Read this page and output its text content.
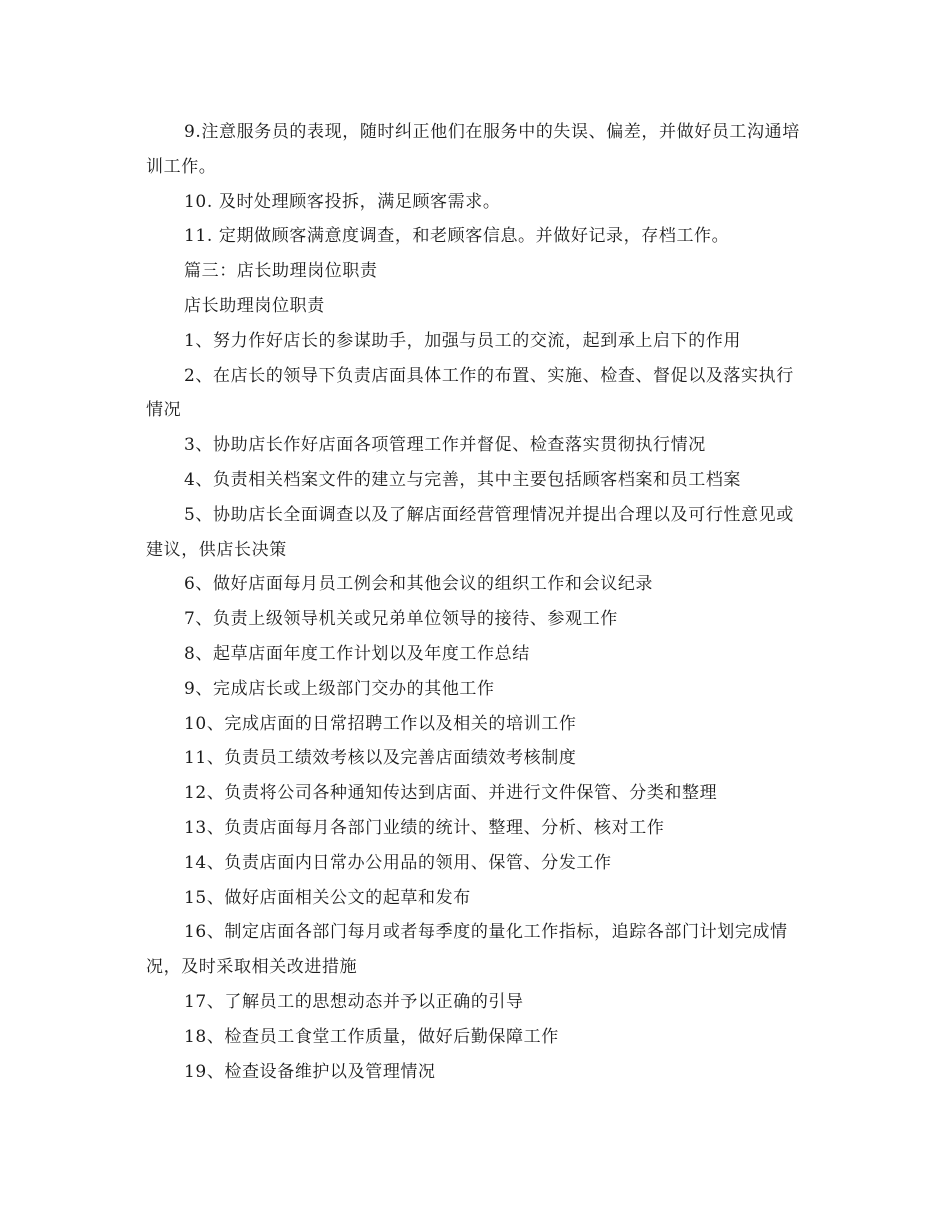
9.注意服务员的表现，随时纠正他们在服务中的失误、偏差，并做好员工沟通培训工作。

10. 及时处理顾客投拆，满足顾客需求。

11. 定期做顾客满意度调查，和老顾客信息。并做好记录，存档工作。

篇三：店长助理岗位职责

店长助理岗位职责

1、努力作好店长的参谋助手，加强与员工的交流，起到承上启下的作用

2、在店长的领导下负责店面具体工作的布置、实施、检查、督促以及落实执行情况

3、协助店长作好店面各项管理工作并督促、检查落实贯彻执行情况

4、负责相关档案文件的建立与完善，其中主要包括顾客档案和员工档案

5、协助店长全面调查以及了解店面经营管理情况并提出合理以及可行性意见或建议，供店长决策

6、做好店面每月员工例会和其他会议的组织工作和会议纪录

7、负责上级领导机关或兄弟单位领导的接待、参观工作

8、起草店面年度工作计划以及年度工作总结

9、完成店长或上级部门交办的其他工作

10、完成店面的日常招聘工作以及相关的培训工作

11、负责员工绩效考核以及完善店面绩效考核制度

12、负责将公司各种通知传达到店面、并进行文件保管、分类和整理

13、负责店面每月各部门业绩的统计、整理、分析、核对工作

14、负责店面内日常办公用品的领用、保管、分发工作

15、做好店面相关公文的起草和发布

16、制定店面各部门每月或者每季度的量化工作指标，追踪各部门计划完成情况，及时采取相关改进措施

17、了解员工的思想动态并予以正确的引导

18、检查员工食堂工作质量，做好后勤保障工作

19、检查设备维护以及管理情况
